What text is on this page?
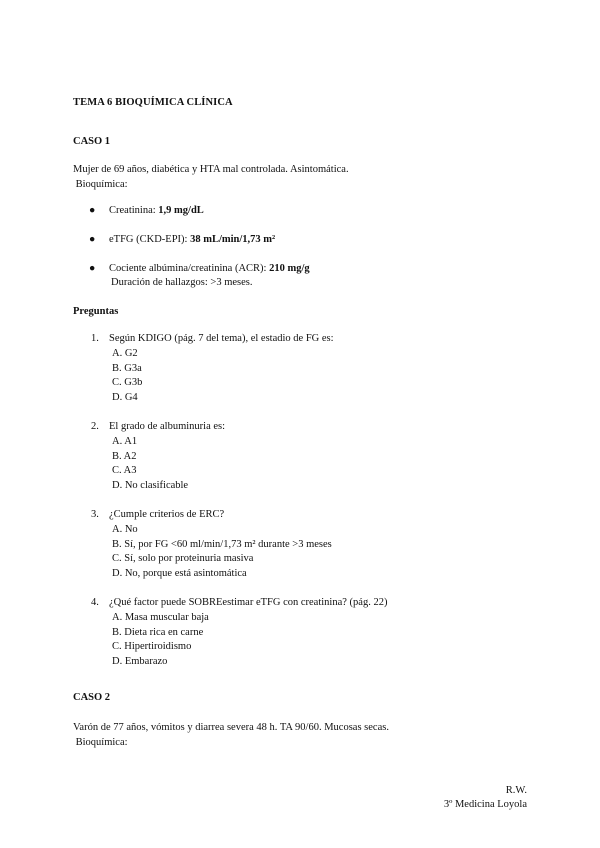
TEMA 6 BIOQUÍMICA CLÍNICA
CASO 1
Mujer de 69 años, diabética y HTA mal controlada. Asintomática.
Bioquímica:
● Creatinina: 1,9 mg/dL
● eTFG (CKD-EPI): 38 mL/min/1,73 m²
● Cociente albúmina/creatinina (ACR): 210 mg/g
Duración de hallazgos: >3 meses.
Preguntas
1. Según KDIGO (pág. 7 del tema), el estadio de FG es:
A. G2
B. G3a
C. G3b
D. G4
2. El grado de albuminuria es:
A. A1
B. A2
C. A3
D. No clasificable
3. ¿Cumple criterios de ERC?
A. No
B. Sí, por FG <60 ml/min/1,73 m² durante >3 meses
C. Sí, solo por proteinuria masiva
D. No, porque está asintomática
4. ¿Qué factor puede SOBREestimar eTFG con creatinina? (pág. 22)
A. Masa muscular baja
B. Dieta rica en carne
C. Hipertiroidismo
D. Embarazo
CASO 2
Varón de 77 años, vómitos y diarrea severa 48 h. TA 90/60. Mucosas secas.
Bioquímica:
R.W.
3º Medicina Loyola
